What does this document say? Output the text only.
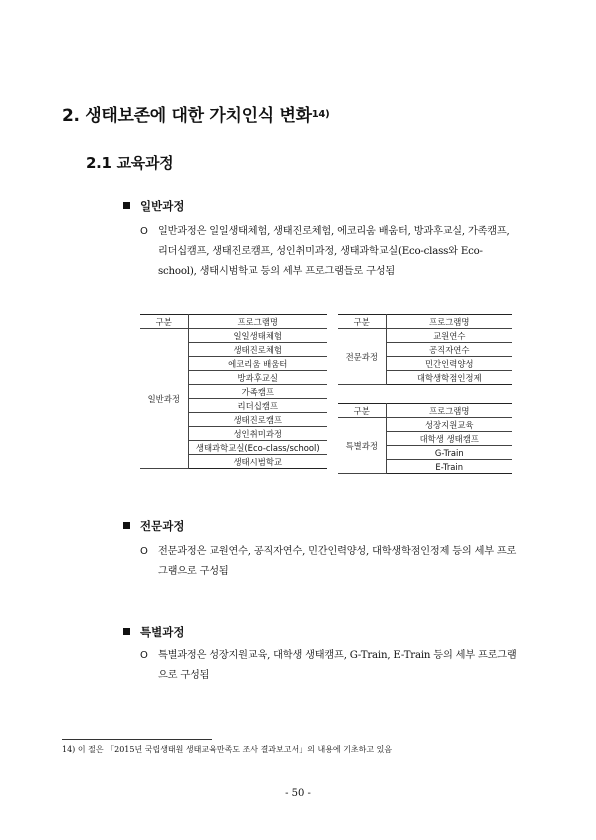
2. 생태보존에 대한 가치인식 변화$^{14)}$
2.1 교육과정
일반과정
O	일반과정은 일일생태체험, 생태진로체험, 에코리움 배움터, 방과후교실, 가족캠프, 리더십캠프, 생태진로캠프, 성인취미과정, 생태과학교실(Eco-class와 Eco-school), 생태시범학교 등의 세부 프로그램들로 구성됨
구분	프로그램명
일반과정	일일생태체험
	생태진로체험
	에코리움 배움터
	방과후교실
	가족캠프
	리더십캠프
	생태진로캠프
	성인취미과정
	생태과학교실(Eco-class/school)
	생태시범학교
구분	프로그램명
전문과정	교원연수
	공직자연수
	민간인력양성
	대학생학점인정제
구분	프로그램명
특별과정	성장지원교육
	대학생 생태캠프
	G-Train
	E-Train
전문과정
O	전문과정은 교원연수, 공직자연수, 민간인력양성, 대학생학점인정제 등의 세부 프로그램으로 구성됨
특별과정
O	특별과정은 성장지원교육, 대학생 생태캠프, G-Train, E-Train 등의 세부 프로그램으로 구성됨
14) 이 절은 「2015년 국립생태원 생태교육만족도 조사 결과보고서」의 내용에 기초하고 있음
- 50 -
